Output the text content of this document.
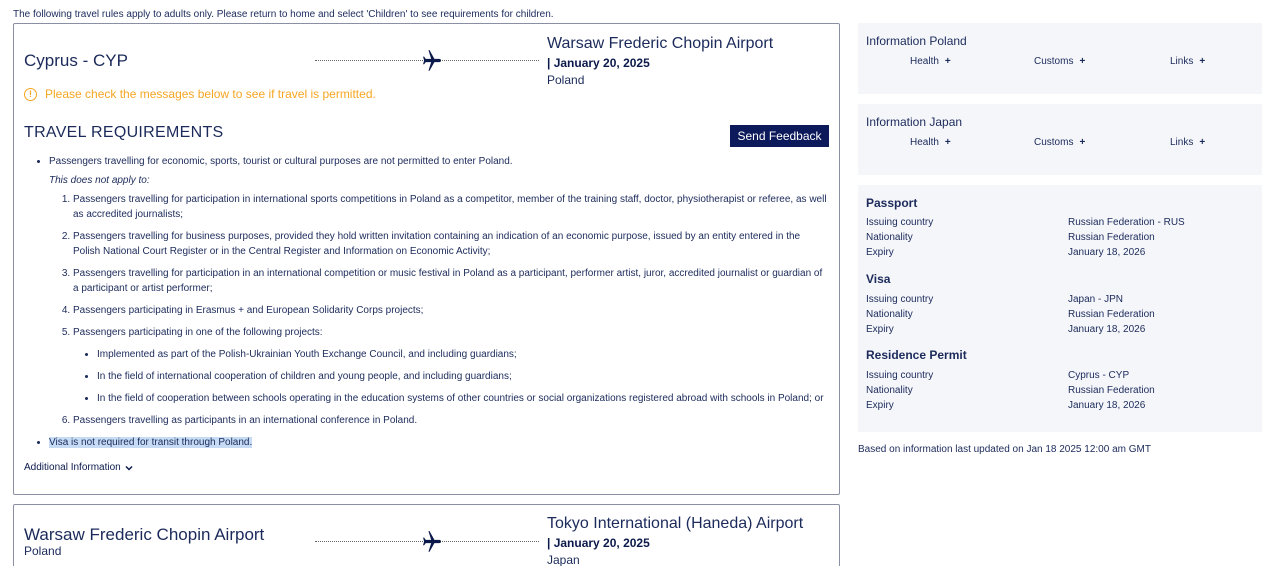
The following travel rules apply to adults only. Please return to home and select 'Children' to see requirements for children.
Cyprus - CYP
Warsaw Frederic Chopin Airport
| January 20, 2025
Poland
!	Please check the messages below to see if travel is permitted.
TRAVEL REQUIREMENTS	Send Feedback
• Passengers travelling for economic, sports, tourist or cultural purposes are not permitted to enter Poland.
This does not apply to:
1. Passengers travelling for participation in international sports competitions in Poland as a competitor, member of the training staff, doctor, physiotherapist or referee, as well as accredited journalists;
2. Passengers travelling for business purposes, provided they hold written invitation containing an indication of an economic purpose, issued by an entity entered in the Polish National Court Register or in the Central Register and Information on Economic Activity;
3. Passengers travelling for participation in an international competition or music festival in Poland as a participant, performer artist, juror, accredited journalist or guardian of a participant or artist performer;
4. Passengers participating in Erasmus + and European Solidarity Corps projects;
5. Passengers participating in one of the following projects:
• Implemented as part of the Polish-Ukrainian Youth Exchange Council, and including guardians;
• In the field of international cooperation of children and young people, and including guardians;
• In the field of cooperation between schools operating in the education systems of other countries or social organizations registered abroad with schools in Poland; or
6. Passengers travelling as participants in an international conference in Poland.
• Visa is not required for transit through Poland.
Additional Information
Warsaw Frederic Chopin Airport
Poland
Tokyo International (Haneda) Airport
| January 20, 2025
Japan
Information Poland
Health +	Customs +	Links +
Information Japan
Health +	Customs +	Links +
Passport
Issuing country	Russian Federation - RUS
Nationality	Russian Federation
Expiry	January 18, 2026
Visa
Issuing country	Japan - JPN
Nationality	Russian Federation
Expiry	January 18, 2026
Residence Permit
Issuing country	Cyprus - CYP
Nationality	Russian Federation
Expiry	January 18, 2026
Based on information last updated on Jan 18 2025 12:00 am GMT
